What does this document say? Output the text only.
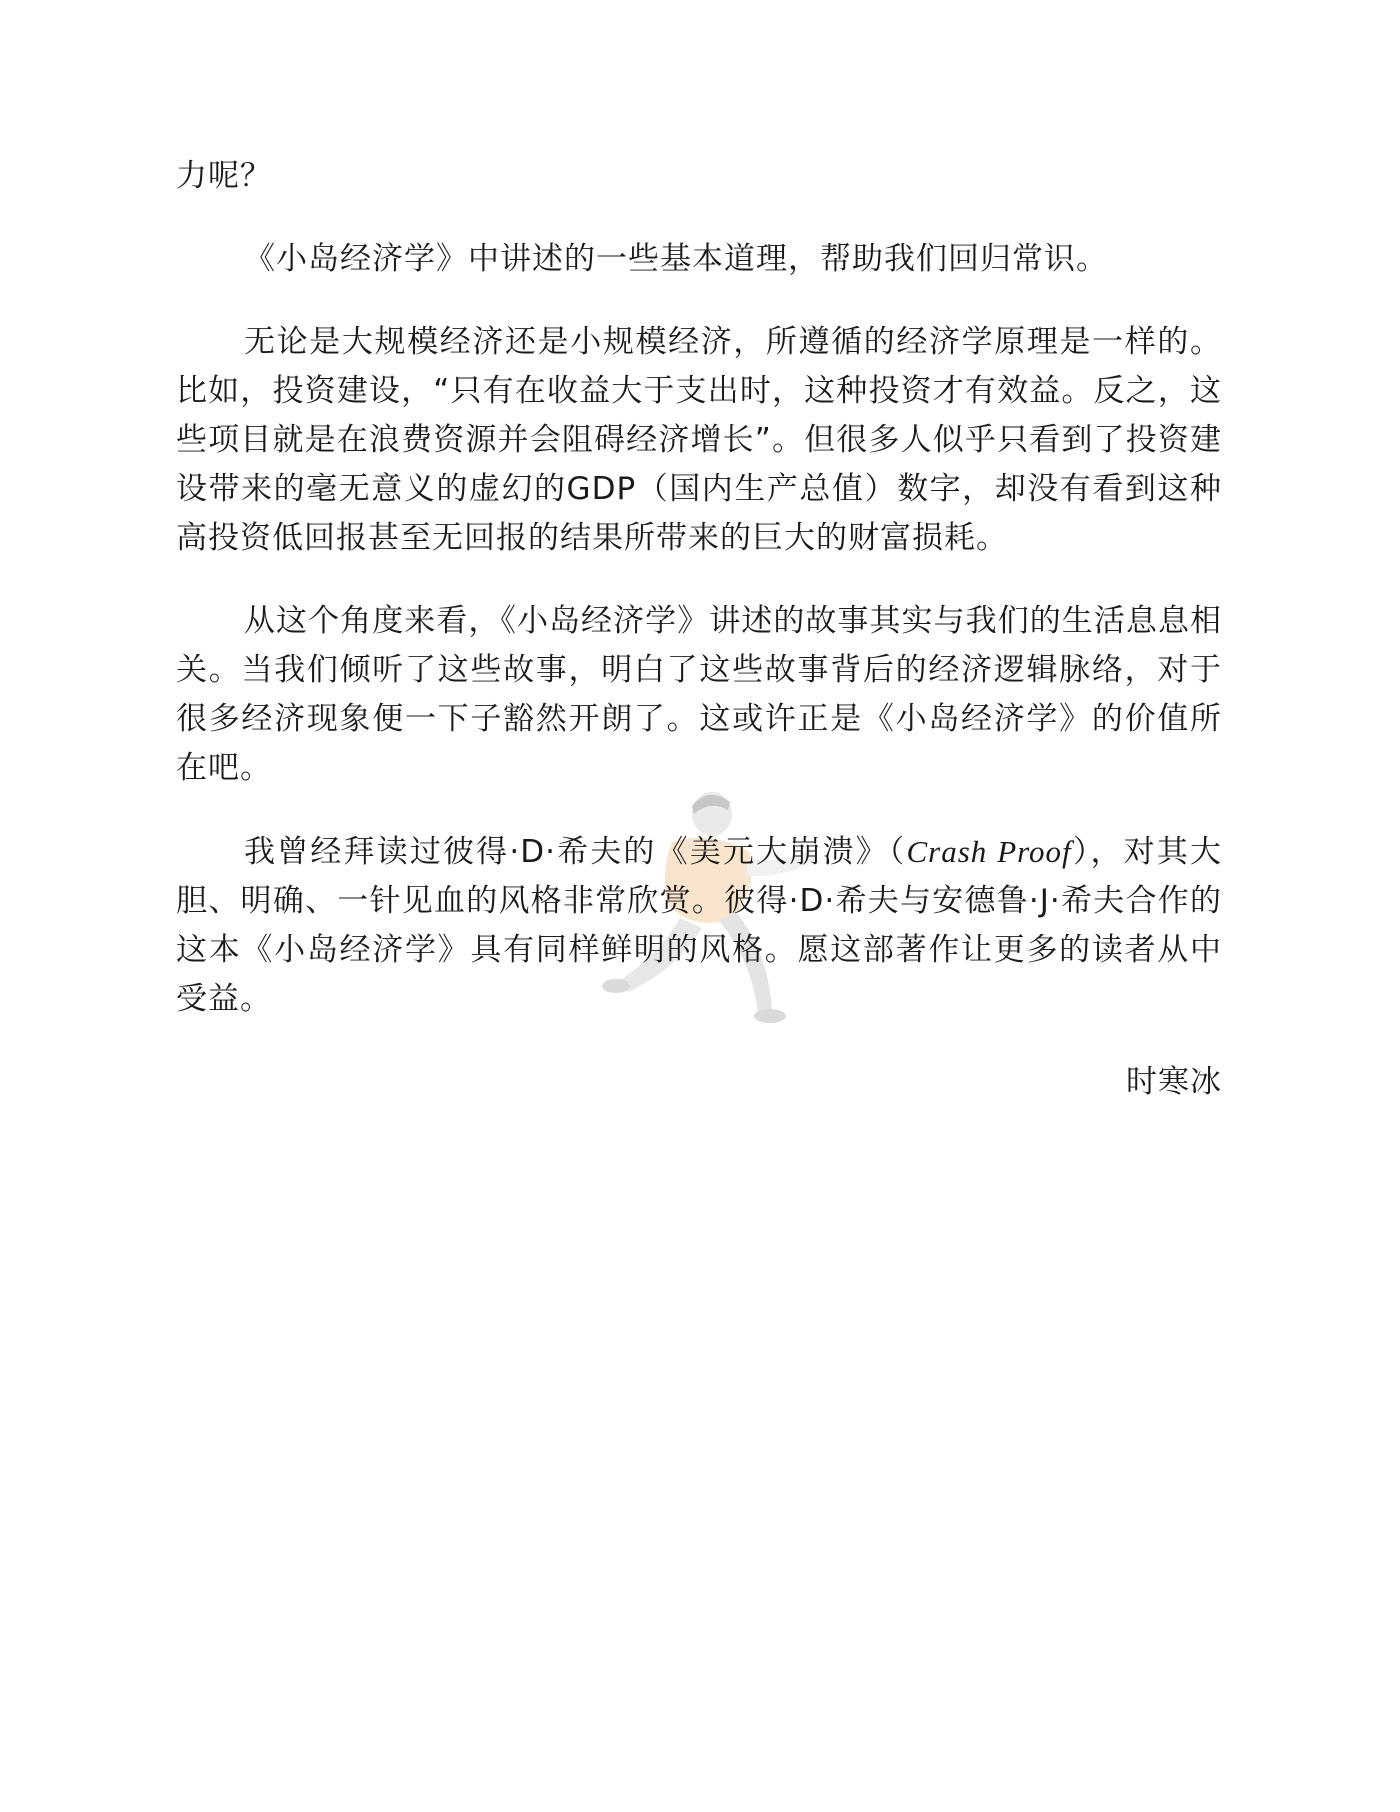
力呢？

《小岛经济学》中讲述的一些基本道理，帮助我们回归常识。

无论是大规模经济还是小规模经济，所遵循的经济学原理是一样的。比如，投资建设，“只有在收益大于支出时，这种投资才有效益。反之，这些项目就是在浪费资源并会阻碍经济增长”。但很多人似乎只看到了投资建设带来的毫无意义的虚幻的GDP（国内生产总值）数字，却没有看到这种高投资低回报甚至无回报的结果所带来的巨大的财富损耗。

从这个角度来看，《小岛经济学》讲述的故事其实与我们的生活息息相关。当我们倾听了这些故事，明白了这些故事背后的经济逻辑脉络，对于很多经济现象便一下子豁然开朗了。这或许正是《小岛经济学》的价值所在吧。

我曾经拜读过彼得·D·希夫的《美元大崩溃》（Crash Proof），对其大胆、明确、一针见血的风格非常欣赏。彼得·D·希夫与安德鲁·J·希夫合作的这本《小岛经济学》具有同样鲜明的风格。愿这部著作让更多的读者从中受益。

时寒冰
